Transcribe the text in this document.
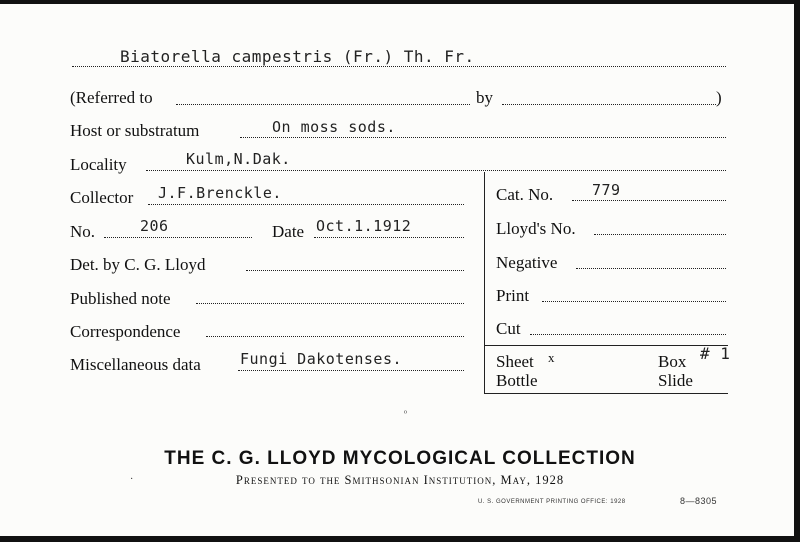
Biatorella campestris (Fr.) Th. Fr.
(Referred to	by	)
Host or substratum	On moss sods.
Locality	Kulm,N.Dak.
Collector J.F.Brenckle.
No.	206	Date Oct.1.1912
Det. by C. G. Lloyd
Published note
Correspondence
Miscellaneous data	Fungi Dakotenses.
Cat. No.	779
Lloyd's No.
Negative
Print
Cut
Sheet x	Box # 1
Bottle	Slide
ᵒ
·
THE C. G. LLOYD MYCOLOGICAL COLLECTION
Presented to the Smithsonian Institution, May, 1928
U. S. GOVERNMENT PRINTING OFFICE: 1928	8—8305
